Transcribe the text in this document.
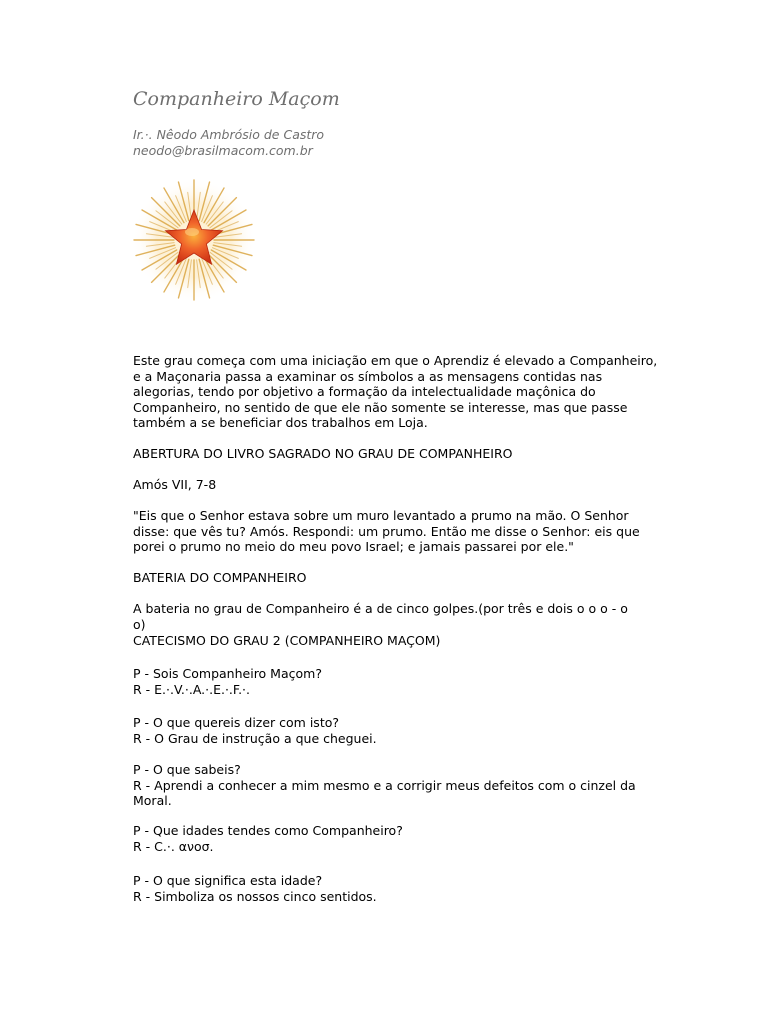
Companheiro Maçom
Ir.·. Nêodo Ambrósio de Castro
neodo@brasilmacom.com.br
Este grau começa com uma iniciação em que o Aprendiz é elevado a Companheiro,
e a Maçonaria passa a examinar os símbolos a as mensagens contidas nas
alegorias, tendo por objetivo a formação da intelectualidade maçônica do
Companheiro, no sentido de que ele não somente se interesse, mas que passe
também a se beneficiar dos trabalhos em Loja.
ABERTURA DO LIVRO SAGRADO NO GRAU DE COMPANHEIRO
Amós VII, 7-8
"Eis que o Senhor estava sobre um muro levantado a prumo na mão. O Senhor
disse: que vês tu? Amós. Respondi: um prumo. Então me disse o Senhor: eis que
porei o prumo no meio do meu povo Israel; e jamais passarei por ele."
BATERIA DO COMPANHEIRO
A bateria no grau de Companheiro é a de cinco golpes.(por três e dois o o o - o o)
CATECISMO DO GRAU 2 (COMPANHEIRO MAÇOM)
P - Sois Companheiro Maçom?
R - E.·.V.·.A.·.E.·.F.·.
P - O que quereis dizer com isto?
R - O Grau de instrução a que cheguei.
P - O que sabeis?
R - Aprendi a conhecer a mim mesmo e a corrigir meus defeitos com o cinzel da
Moral.
P - Que idades tendes como Companheiro?
R - C.·. ανοσ.
P - O que significa esta idade?
R - Simboliza os nossos cinco sentidos.
